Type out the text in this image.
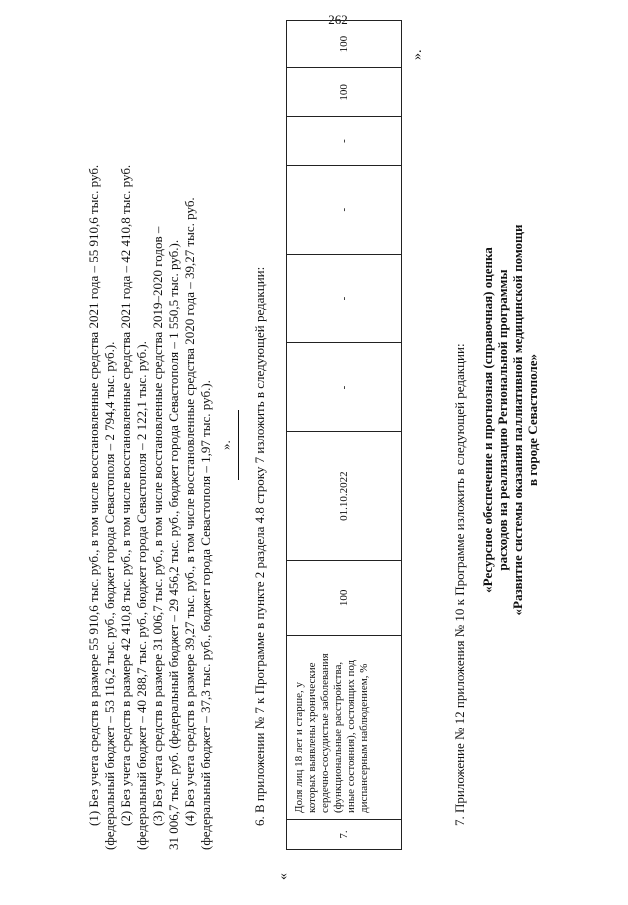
262
(1) Без учета средств в размере 55 910,6 тыс. руб., в том числе восстановленные средства 2021 года – 55 910,6 тыс. руб. (федеральный бюджет – 53 116,2 тыс. руб., бюджет города Севастополя – 2 794,4 тыс. руб.). (2) Без учета средств в размере 42 410,8 тыс. руб., в том числе восстановленные средства 2021 года – 42 410,8 тыс. руб. (федеральный бюджет – 40 288,7 тыс. руб., бюджет города Севастополя – 2 122,1 тыс. руб.). (3) Без учета средств в размере 31 006,7 тыс. руб., в том числе восстановленные средства 2019–2020 годов – 31 006,7 тыс. руб. (федеральный бюджет – 29 456,2 тыс. руб., бюджет города Севастополя – 1 550,5 тыс. руб.). (4) Без учета средств в размере 39,27 тыс. руб., в том числе восстановленные средства 2020 года – 39,27 тыс. руб. (федеральный бюджет – 37,3 тыс. руб., бюджет города Севастополя – 1,97 тыс. руб.). ». 6. В приложении № 7 к Программе в пункте 2 раздела 4.8 строку 7 изложить в следующей редакции:
«
7.	Доля лиц 18 лет и старше, у которых выявлены хронические сердечно-сосудистые заболевания (функциональные расстройства, иные состояния), состоящих под диспансерным наблюдением, %	100	01.10.2022	-	-	-	-	100	100
».
7. Приложение № 12 приложения № 10 к Программе изложить в следующей редакции: «Ресурсное обеспечение и прогнозная (справочная) оценка расходов на реализацию Региональной программы «Развитие системы оказания паллиативной медицинской помощи в городе Севастополе»
